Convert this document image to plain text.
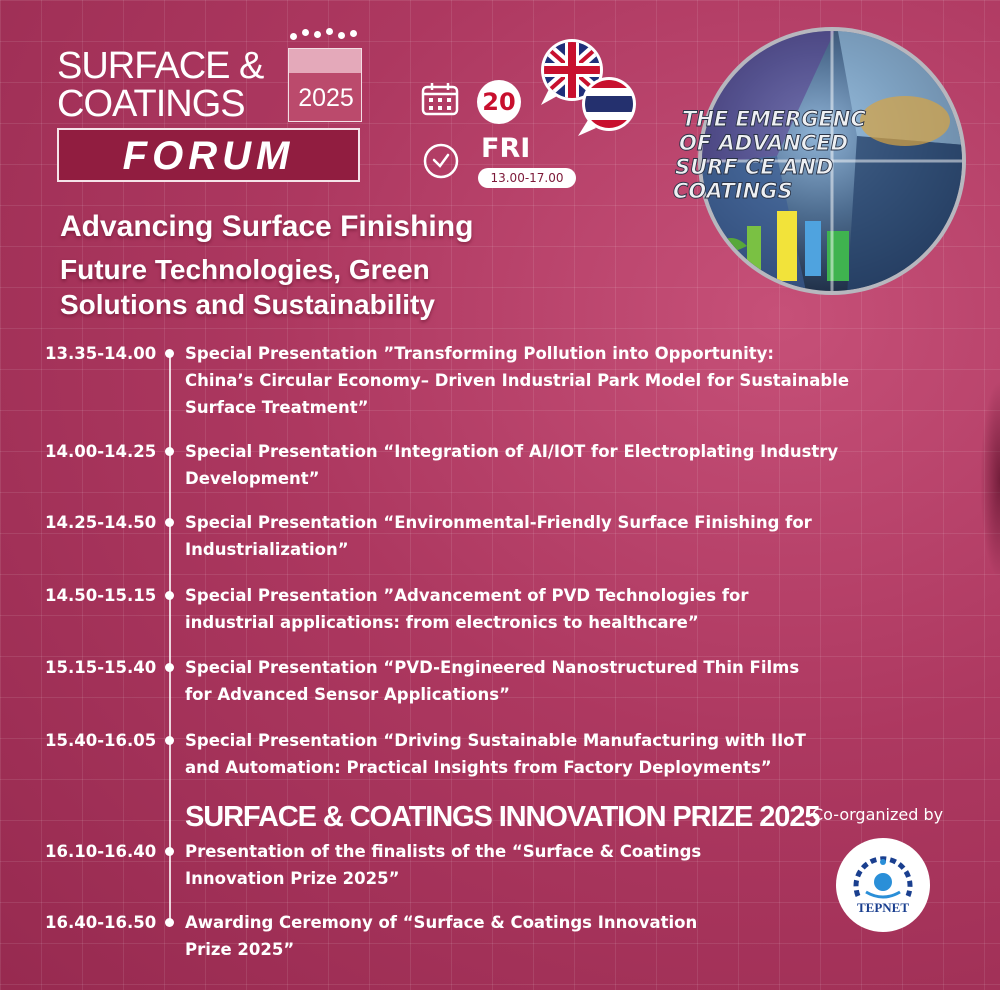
SURFACE &
COATINGS 2025
FORUM
20
FRI
13.00-17.00
THE EMERGENC
OF ADVANCED
SURF CE AND
COATINGS
Advancing Surface Finishing
Future Technologies, Green
Solutions and Sustainability
13.35-14.00 Special Presentation ”Transforming Pollution into Opportunity:
China’s Circular Economy– Driven Industrial Park Model for Sustainable
Surface Treatment”
14.00-14.25 Special Presentation “Integration of AI/IOT for Electroplating Industry
Development”
14.25-14.50 Special Presentation “Environmental-Friendly Surface Finishing for
Industrialization”
14.50-15.15 Special Presentation ”Advancement of PVD Technologies for
industrial applications: from electronics to healthcare”
15.15-15.40 Special Presentation “PVD-Engineered Nanostructured Thin Films
for Advanced Sensor Applications”
15.40-16.05 Special Presentation “Driving Sustainable Manufacturing with IIoT
and Automation: Practical Insights from Factory Deployments”
SURFACE & COATINGS INNOVATION PRIZE 2025
16.10-16.40 Presentation of the finalists of the “Surface & Coatings
Innovation Prize 2025”
16.40-16.50 Awarding Ceremony of “Surface & Coatings Innovation
Prize 2025”
Co-organized by
TEPNET
